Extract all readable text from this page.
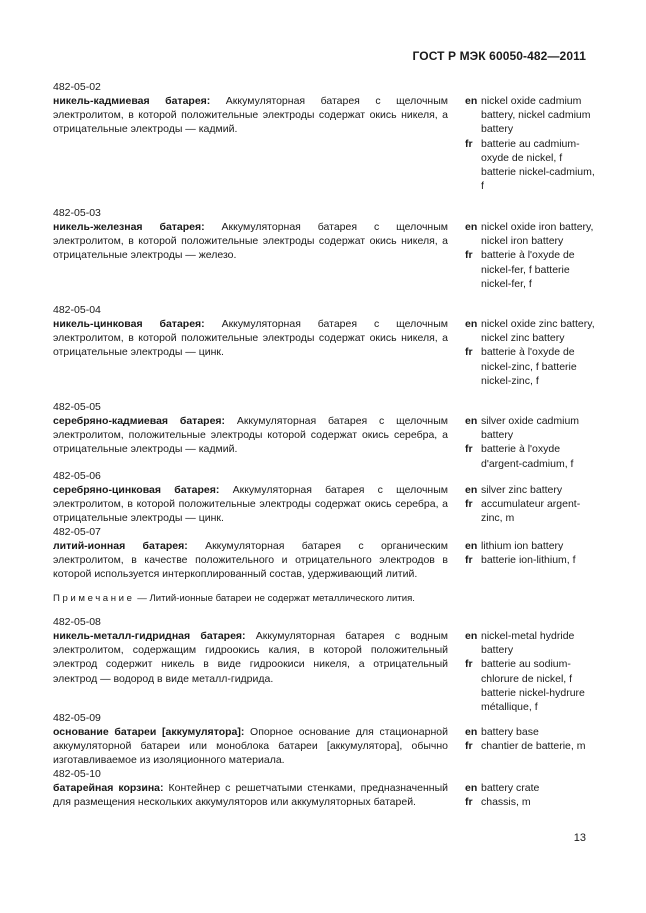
ГОСТ Р МЭК 60050-482—2011
482-05-02
никель-кадмиевая батарея: Аккумуляторная батарея с щелочным электролитом, в которой положительные электроды содержат окись никеля, а отрицательные электроды — кадмий.
en nickel oxide cadmium battery, nickel cadmium battery
fr batterie au cadmium-oxyde de nickel, f batterie nickel-cadmium, f
482-05-03
никель-железная батарея: Аккумуляторная батарея с щелочным электролитом, в которой положительные электроды содержат окись никеля, а отрицательные электроды — железо.
en nickel oxide iron battery, nickel iron battery
fr batterie à l'oxyde de nickel-fer, f batterie nickel-fer, f
482-05-04
никель-цинковая батарея: Аккумуляторная батарея с щелочным электролитом, в которой положительные электроды содержат окись никеля, а отрицательные электроды — цинк.
en nickel oxide zinc battery, nickel zinc battery
fr batterie à l'oxyde de nickel-zinc, f batterie nickel-zinc, f
482-05-05
серебряно-кадмиевая батарея: Аккумуляторная батарея с щелочным электролитом, положительные электроды которой содержат окись серебра, а отрицательные электроды — кадмий.
en silver oxide cadmium battery
fr batterie à l'oxyde d'argent-cadmium, f
482-05-06
серебряно-цинковая батарея: Аккумуляторная батарея с щелочным электролитом, в которой положительные электроды содержат окись серебра, а отрицательные электроды — цинк.
en silver zinc battery
fr accumulateur argent-zinc, m
482-05-07
литий-ионная батарея: Аккумуляторная батарея с органическим электролитом, в качестве положительного и отрицательного электродов в которой используется интеркоплированный состав, удерживающий литий.
en lithium ion battery
fr batterie ion-lithium, f
Примечание — Литий-ионные батареи не содержат металлического лития.
482-05-08
никель-металл-гидридная батарея: Аккумуляторная батарея с водным электролитом, содержащим гидроокись калия, в которой положительный электрод содержит никель в виде гидроокиси никеля, а отрицательный электрод — водород в виде металл-гидрида.
en nickel-metal hydride battery
fr batterie au sodium-chlorure de nickel, f batterie nickel-hydrure métallique, f
482-05-09
основание батареи [аккумулятора]: Опорное основание для стационарной аккумуляторной батареи или моноблока батареи [аккумулятора], обычно изготавливаемое из изоляционного материала.
en battery base
fr chantier de batterie, m
482-05-10
батарейная корзина: Контейнер с решетчатыми стенками, предназначенный для размещения нескольких аккумуляторов или аккумуляторных батарей.
en battery crate
fr chassis, m
13
